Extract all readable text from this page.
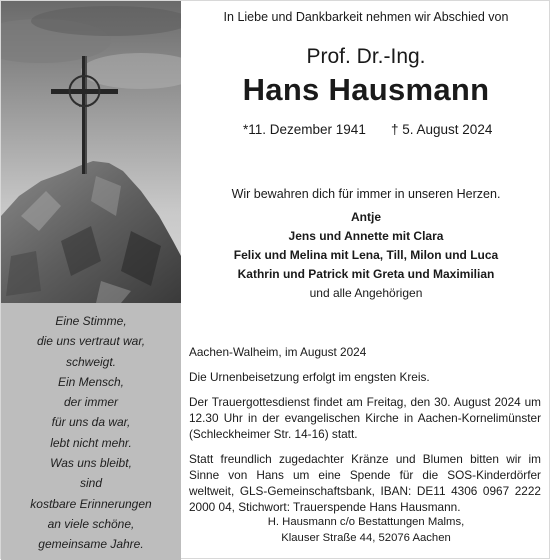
Eine Stimme,
die uns vertraut war,
schweigt.
Ein Mensch,
der immer
für uns da war,
lebt nicht mehr.
Was uns bleibt,
sind
kostbare Erinnerungen
an viele schöne,
gemeinsame Jahre.
In Liebe und Dankbarkeit nehmen wir Abschied von
Prof. Dr.-Ing.
Hans Hausmann
*11. Dezember 1941 † 5. August 2024
Wir bewahren dich für immer in unseren Herzen.
Antje
Jens und Annette mit Clara
Felix und Melina mit Lena, Till, Milon und Luca
Kathrin und Patrick mit Greta und Maximilian
und alle Angehörigen

Aachen-Walheim, im August 2024

Die Urnenbeisetzung erfolgt im engsten Kreis.

Der Trauergottesdienst findet am Freitag, den 30. August 2024 um 12.30 Uhr in der evangelischen Kirche in Aachen-Kornelimünster (Schleckheimer Str. 14-16) statt.

Statt freundlich zugedachter Kränze und Blumen bitten wir im Sinne von Hans um eine Spende für die SOS-Kinderdörfer weltweit, GLS-Gemeinschaftsbank, IBAN: DE11 4306 0967 2222 2000 04, Stichwort: Trauerspende Hans Hausmann.

H. Hausmann c/o Bestattungen Malms,
Klauser Straße 44, 52076 Aachen
